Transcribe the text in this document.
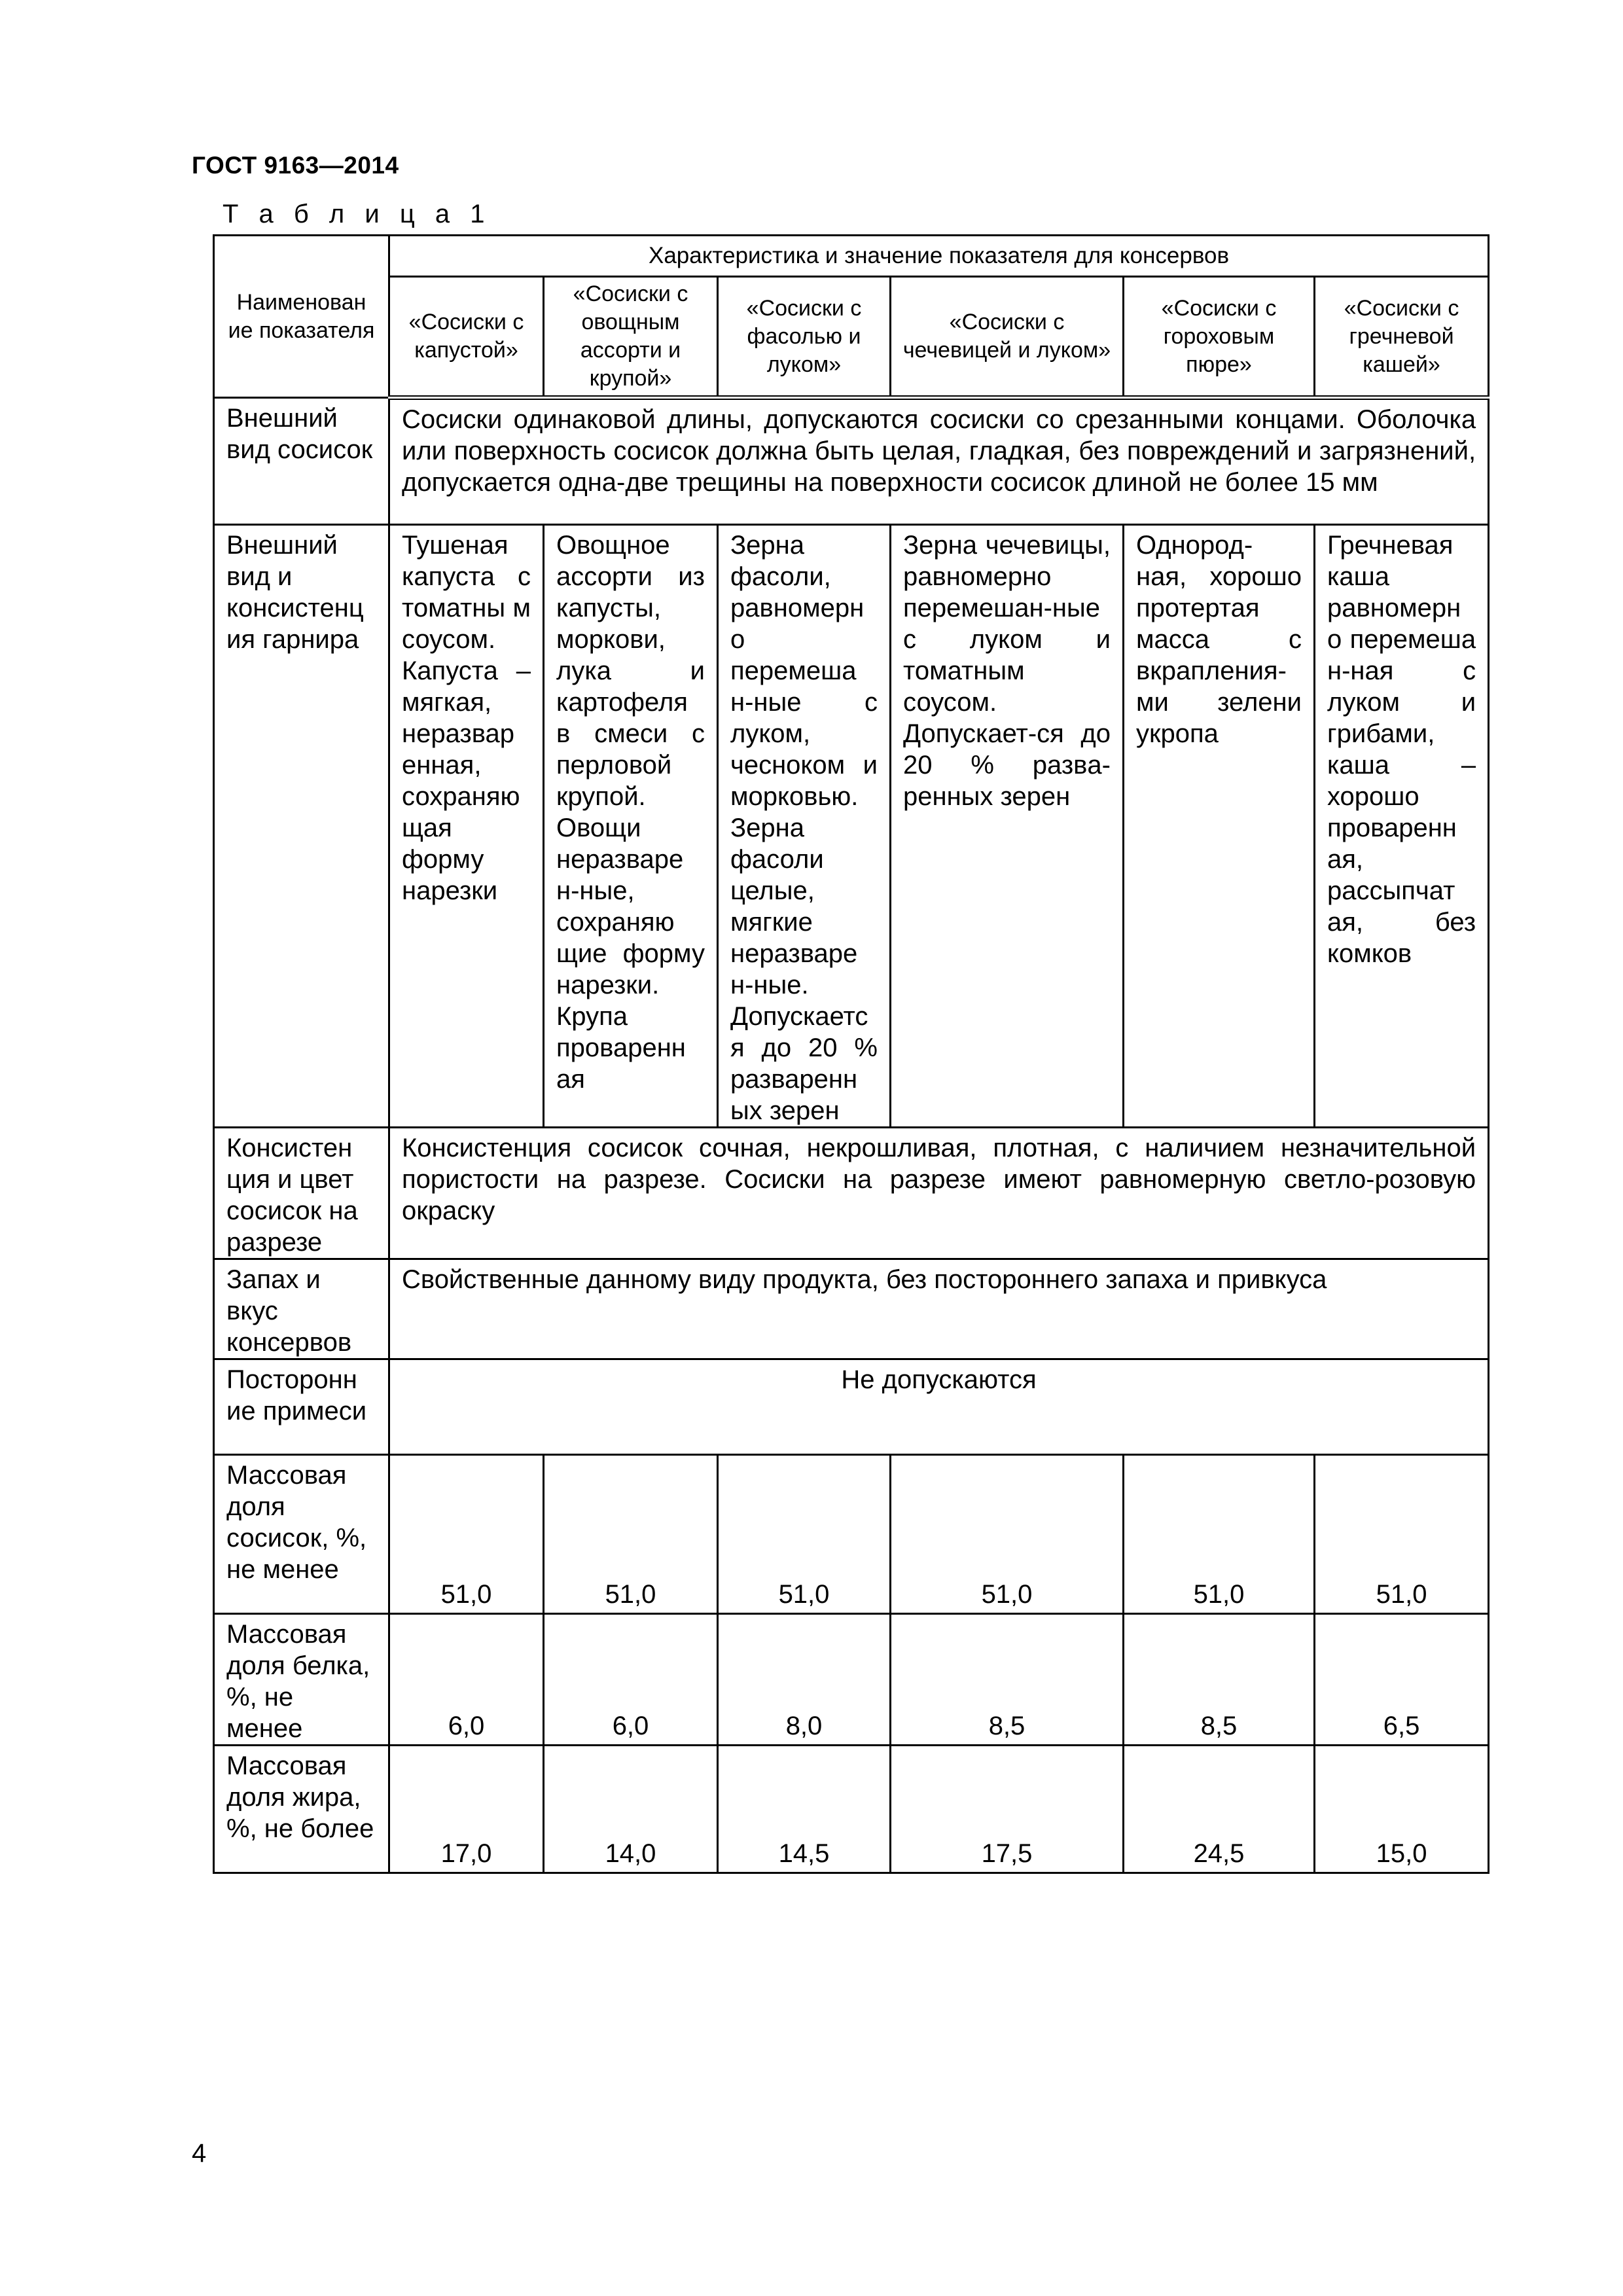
ГОСТ 9163—2014
Т а б л и ц а 1
Наименован ие показателя	Характеристика и значение показателя для консервов					
	«Сосиски с капустой»	«Сосиски с овощным ассорти и крупой»	«Сосиски с фасолью и луком»	«Сосиски с чечевицей и луком»	«Сосиски с гороховым пюре»	«Сосиски с гречневой кашей»
Внешний вид сосисок	Сосиски одинаковой длины, допускаются сосиски со срезанными концами. Оболочка или поверхность сосисок должна быть целая, гладкая, без повреждений и загрязнений, допускается одна-две трещины на поверхности сосисок длиной не более 15 мм					
Внешний вид и консистенц ия гарнира	Тушеная капуста с томатны м соусом. Капуста – мягкая, неразвар енная, сохраняю щая форму нарезки	Овощное ассорти из капусты, моркови, лука и картофеля в смеси с перловой крупой. Овощи неразваре н-ные, сохраняю щие форму нарезки. Крупа проваренн ая	Зерна фасоли, равномерн о перемеша н-ные с луком, чесноком и морковью. Зерна фасоли целые, мягкие неразваре н-ные. Допускаетс я до 20 % разваренн ых зерен	Зерна чечевицы, равномерно перемешан-ные с луком и томатным соусом. Допускает-ся до 20 % развa-ренных зерен	Однород-ная, хорошо протертая масса с вкрапления-ми зелени укропа	Гречневая каша равномерн о перемеша н-ная с луком и грибами, каша – хорошо проваренн ая, рассыпчат ая, без комков
Консистен ция и цвет сосисок на разрезе	Консистенция сосисок сочная, некрошливая, плотная, с наличием незначительной пористости на разрезе. Сосиски на разрезе имеют равномерную светло-розовую окраску					
Запах и вкус консервов	Свойственные данному виду продукта, без постороннего запаха и привкуса					
Посторонн ие примеси	Не допускаются					
Массовая доля сосисок, %, не менее	51,0	51,0	51,0	51,0	51,0	51,0
Массовая доля белка, %, не менее	6,0	6,0	8,0	8,5	8,5	6,5
Массовая доля жира, %, не более	17,0	14,0	14,5	17,5	24,5	15,0
4
